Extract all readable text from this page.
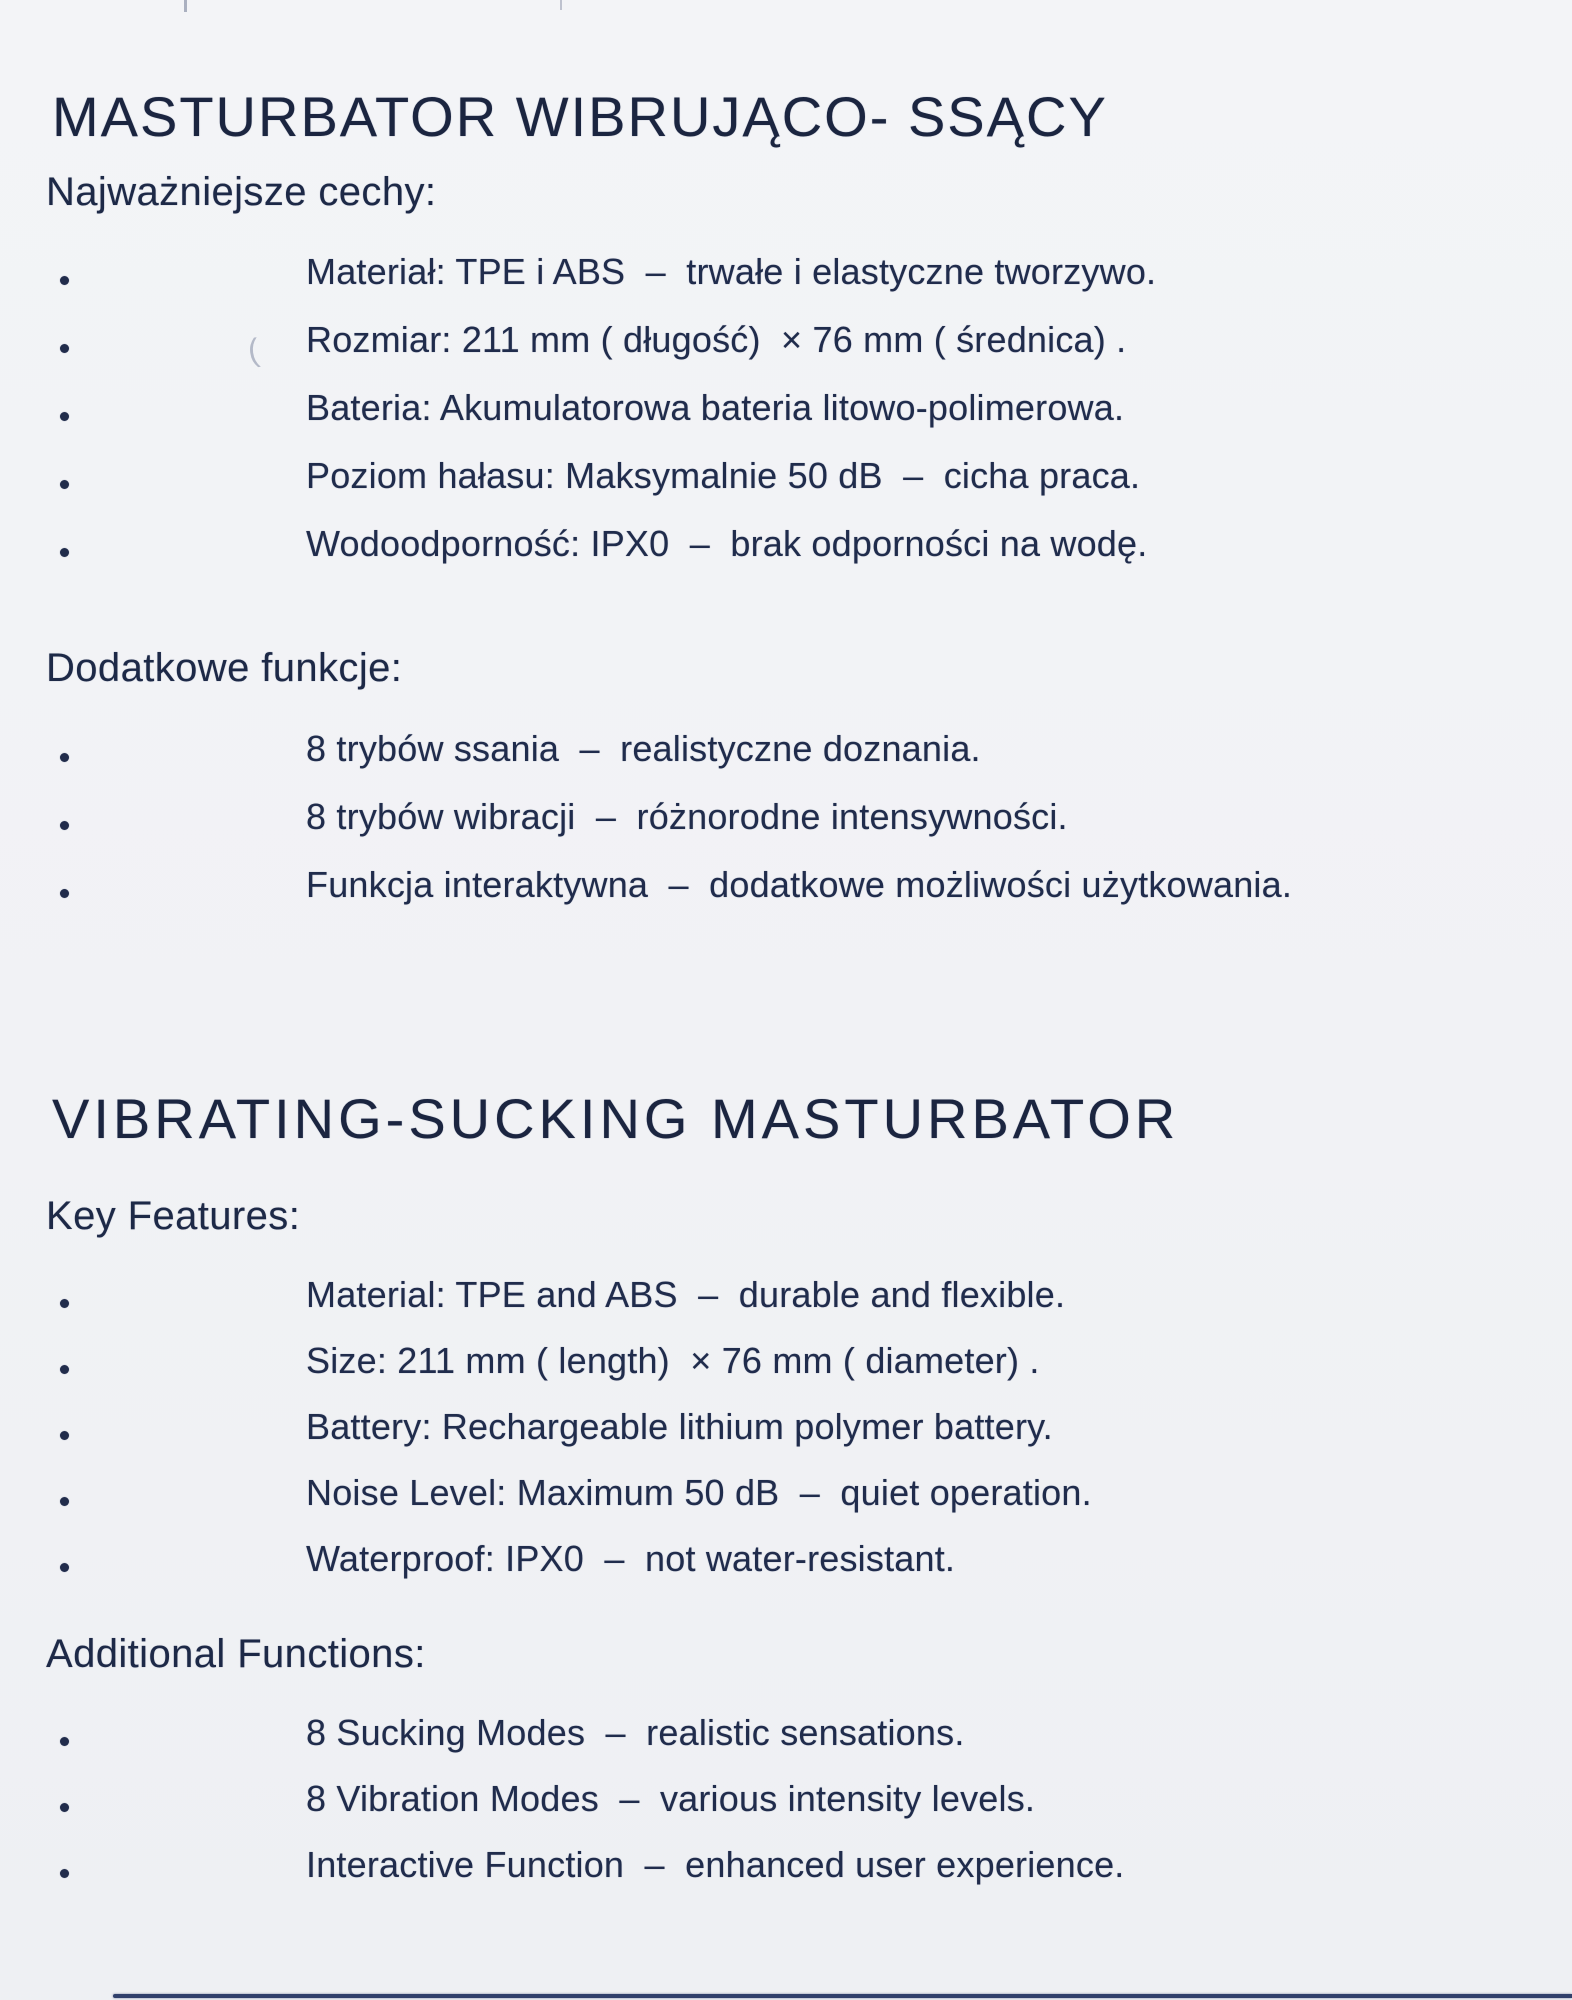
MASTURBATOR WIBRUJĄCO- SSĄCY
Najważniejsze cechy:
Materiał: TPE i ABS  –  trwałe i elastyczne tworzywo.
Rozmiar: 211 mm ( długość)  × 76 mm ( średnica) .
Bateria: Akumulatorowa bateria litowo-polimerowa.
Poziom hałasu: Maksymalnie 50 dB  –  cicha praca.
Wodoodporność: IPX0  –  brak odporności na wodę.
Dodatkowe funkcje:
8 trybów ssania  –  realistyczne doznania.
8 trybów wibracji  –  różnorodne intensywności.
Funkcja interaktywna  –  dodatkowe możliwości użytkowania.
VIBRATING-SUCKING MASTURBATOR
Key Features:
Material: TPE and ABS  –  durable and flexible.
Size: 211 mm ( length)  × 76 mm ( diameter) .
Battery: Rechargeable lithium polymer battery.
Noise Level: Maximum 50 dB  –  quiet operation.
Waterproof: IPX0  –  not water-resistant.
Additional Functions:
8 Sucking Modes  –  realistic sensations.
8 Vibration Modes  –  various intensity levels.
Interactive Function  –  enhanced user experience.
(
